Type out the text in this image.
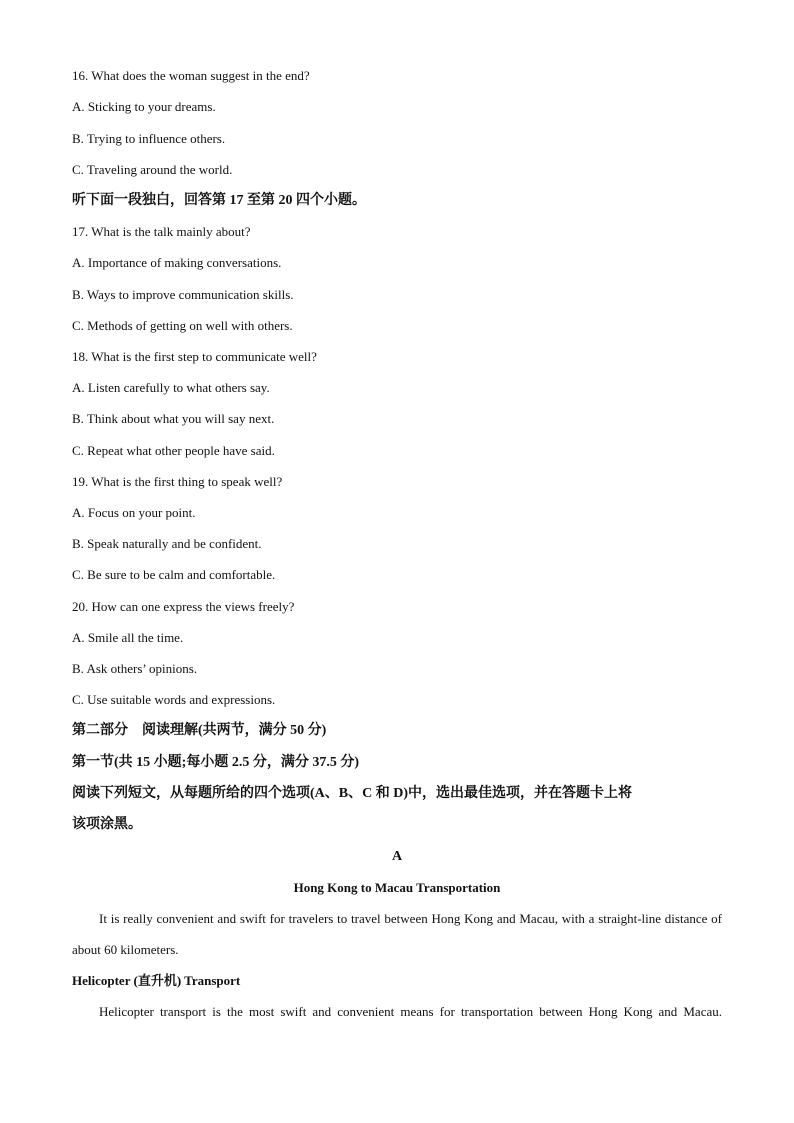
16. What does the woman suggest in the end?
A. Sticking to your dreams.
B. Trying to influence others.
C. Traveling around the world.
听下面一段独白，回答第 17 至第 20 四个小题。
17. What is the talk mainly about?
A. Importance of making conversations.
B. Ways to improve communication skills.
C. Methods of getting on well with others.
18. What is the first step to communicate well?
A. Listen carefully to what others say.
B. Think about what you will say next.
C. Repeat what other people have said.
19. What is the first thing to speak well?
A. Focus on your point.
B. Speak naturally and be confident.
C. Be sure to be calm and comfortable.
20. How can one express the views freely?
A. Smile all the time.
B. Ask others’ opinions.
C. Use suitable words and expressions.
第二部分　阅读理解(共两节，满分 50 分)
第一节(共 15 小题;每小题 2.5 分，满分 37.5 分)
阅读下列短文，从每题所给的四个选项(A、B、C 和 D)中，选出最佳选项，并在答题卡上将
该项涂黑。
A
Hong Kong to Macau Transportation
It is really convenient and swift for travelers to travel between Hong Kong and Macau, with a straight-line distance of about 60 kilometers.
Helicopter (直升机) Transport
Helicopter transport is the most swift and convenient means for transportation between Hong Kong and Macau.
